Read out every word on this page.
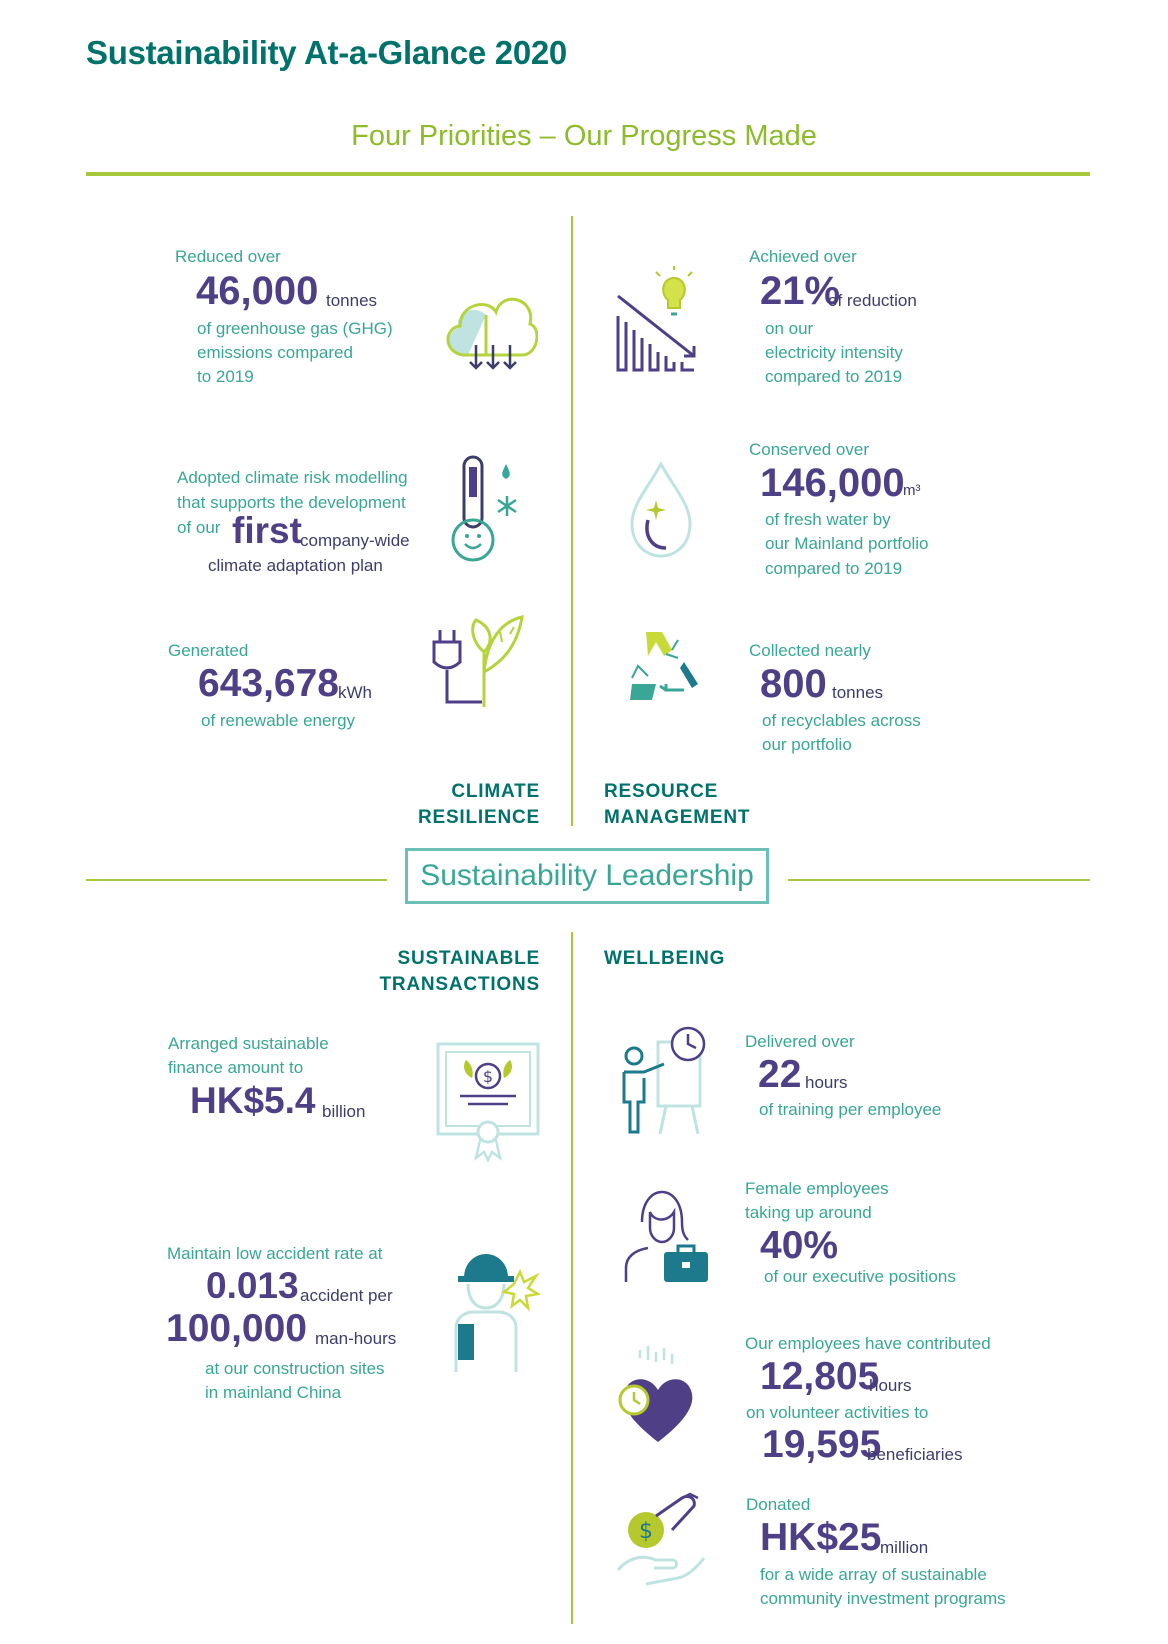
Sustainability At-a-Glance 2020
Four Priorities – Our Progress Made
Sustainability Leadership
Reduced over
46,000 tonnes
of greenhouse gas (GHG)
emissions compared
to 2019
Adopted climate risk modelling
that supports the development
of our first
company-wide
climate adaptation plan
Generated
643,678 kWh
of renewable energy
CLIMATE
RESILIENCE
Achieved over
21%
of reduction
on our
electricity intensity
compared to 2019
Conserved over
146,000
m³
of fresh water by
our Mainland portfolio
compared to 2019
Collected nearly
800 tonnes
of recyclables across
our portfolio
RESOURCE
MANAGEMENT
SUSTAINABLE
TRANSACTIONS
Arranged sustainable
finance amount to
HK$5.4 billion
$
Maintain low accident rate at
0.013 accident per
100,000 man-hours
at our construction sites
in mainland China
WELLBEING
Delivered over
22 hours
of training per employee
Female employees
taking up around
40%
of our executive positions
Our employees have contributed
12,805
hours
on volunteer activities to
19,595
beneficiaries
$
Donated
HK$25
million
for a wide array of sustainable
community investment programs
